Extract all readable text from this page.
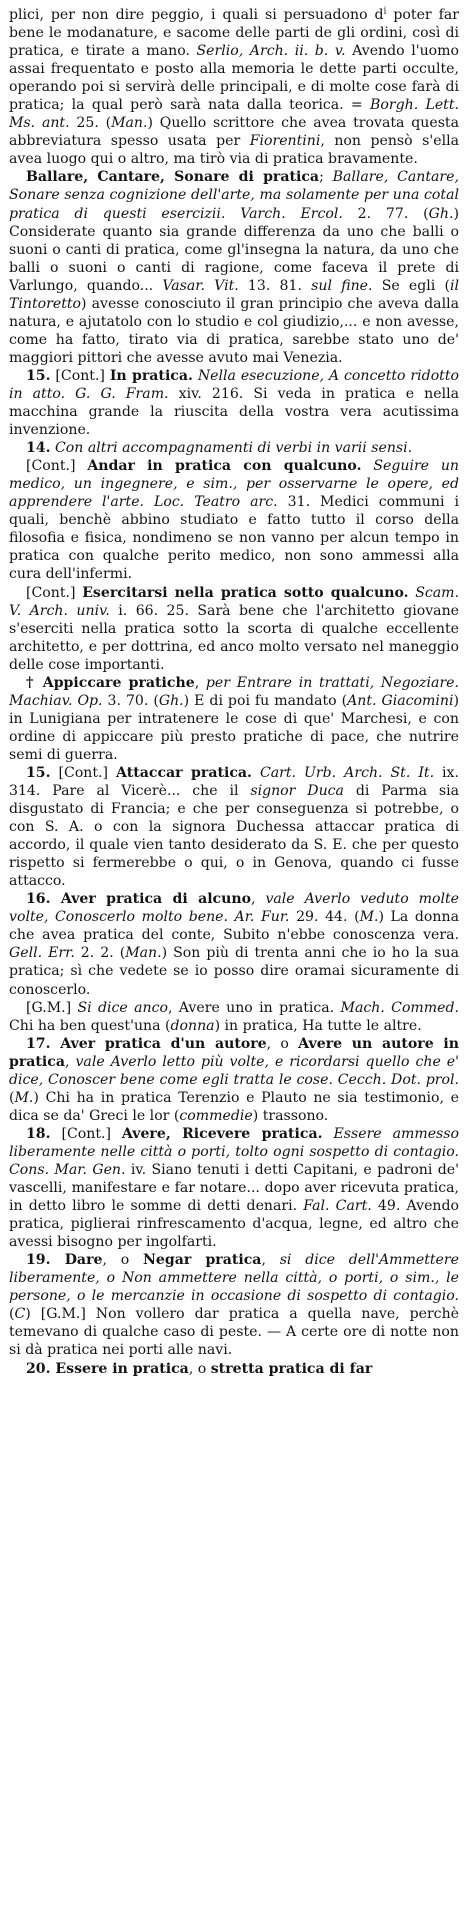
plici, per non dire peggio, i quali si persuadono $d^i$ poter far bene le modanature, e sacome delle parti de gli ordini, così di pratica, e tirate a mano. Serlio, Arch. ii. b. v. Avendo l'uomo assai frequentato e posto alla memoria le dette parti occulte, operando poi si servirà delle principali, e di molte cose farà di pratica; la qual però sarà nata dalla teorica. = Borgh. Lett. Ms. ant. 25. (Man.) Quello scrittore che avea trovata questa abbreviatura spesso usata per Fiorentini, non pensò s'ella avea luogo qui o altro, ma tirò via di pratica bravamente.

Ballare, Cantare, Sonare di pratica; Ballare, Cantare, Sonare senza cognizione dell'arte, ma solamente per una cotal pratica di questi esercizii. Varch. Ercol. 2. 77. (Gh.) Considerate quanto sia grande differenza da uno che balli o suoni o canti di pratica, come gl'insegna la natura, da uno che balli o suoni o canti di ragione, come faceva il prete di Varlungo, quando... Vasar. Vit. 13. 81. sul fine. Se egli (il Tintoretto) avesse conosciuto il gran principio che aveva dalla natura, e ajutatolo con lo studio e col giudizio,... e non avesse, come ha fatto, tirato via di pratica, sarebbe stato uno de' maggiori pittori che avesse avuto mai Venezia.

15. [Cont.] In pratica. Nella esecuzione, A concetto ridotto in atto. G. G. Fram. xiv. 216. Si veda in pratica e nella macchina grande la riuscita della vostra vera acutissima invenzione.

14. Con altri accompagnamenti di verbi in varii sensi.

[Cont.] Andar in pratica con qualcuno. Seguire un medico, un ingegnere, e sim., per osservarne le opere, ed apprendere l'arte. Loc. Teatro arc. 31. Medici communi i quali, benchè abbino studiato e fatto tutto il corso della filosofia e fisica, nondimeno se non vanno per alcun tempo in pratica con qualche perito medico, non sono ammessi alla cura dell'infermi.

[Cont.] Esercitarsi nella pratica sotto qualcuno. Scam. V. Arch. univ. i. 66. 25. Sarà bene che l'architetto giovane s'eserciti nella pratica sotto la scorta di qualche eccellente architetto, e per dottrina, ed anco molto versato nel maneggio delle cose importanti.

† Appiccare pratiche, per Entrare in trattati, Negoziare. Machiav. Op. 3. 70. (Gh.) E di poi fu mandato (Ant. Giacomini) in Lunigiana per intratenere le cose di que' Marchesi, e con ordine di appiccare più presto pratiche di pace, che nutrire semi di guerra.

15. [Cont.] Attaccar pratica. Cart. Urb. Arch. St. It. ix. 314. Pare al Vicerè... che il signor Duca di Parma sia disgustato di Francia; e che per conseguenza si potrebbe, o con S. A. o con la signora Duchessa attaccar pratica di accordo, il quale vien tanto desiderato da S. E. che per questo rispetto si fermerebbe o qui, o in Genova, quando ci fusse attacco.

16. Aver pratica di alcuno, vale Averlo veduto molte volte, Conoscerlo molto bene. Ar. Fur. 29. 44. (M.) La donna che avea pratica del conte, Subito n'ebbe conoscenza vera. Gell. Err. 2. 2. (Man.) Son più di trenta anni che io ho la sua pratica; sì che vedete se io posso dire oramai sicuramente di conoscerlo.

[G.M.] Si dice anco, Avere uno in pratica. Mach. Commed. Chi ha ben quest'una (donna) in pratica, Ha tutte le altre.

17. Aver pratica d'un autore, o Avere un autore in pratica, vale Averlo letto più volte, e ricordarsi quello che e' dice, Conoscer bene come egli tratta le cose. Cecch. Dot. prol. (M.) Chi ha in pratica Terenzio e Plauto ne sia testimonio, e dica se da' Greci le lor (commedie) trassono.

18. [Cont.] Avere, Ricevere pratica. Essere ammesso liberamente nelle città o porti, tolto ogni sospetto di contagio. Cons. Mar. Gen. iv. Siano tenuti i detti Capitani, e padroni de' vascelli, manifestare e far notare... dopo aver ricevuta pratica, in detto libro le somme di detti denari. Fal. Cart. 49. Avendo pratica, piglierai rinfrescamento d'acqua, legne, ed altro che avessi bisogno per ingolfarti.

19. Dare, o Negar pratica, si dice dell'Ammettere liberamente, o Non ammettere nella città, o porti, o sim., le persone, o le mercanzie in occasione di sospetto di contagio. (C) [G.M.] Non vollero dar pratica a quella nave, perchè temevano di qualche caso di peste. — A certe ore di notte non si dà pratica nei porti alle navi.

20. Essere in pratica, o stretta pratica di far
